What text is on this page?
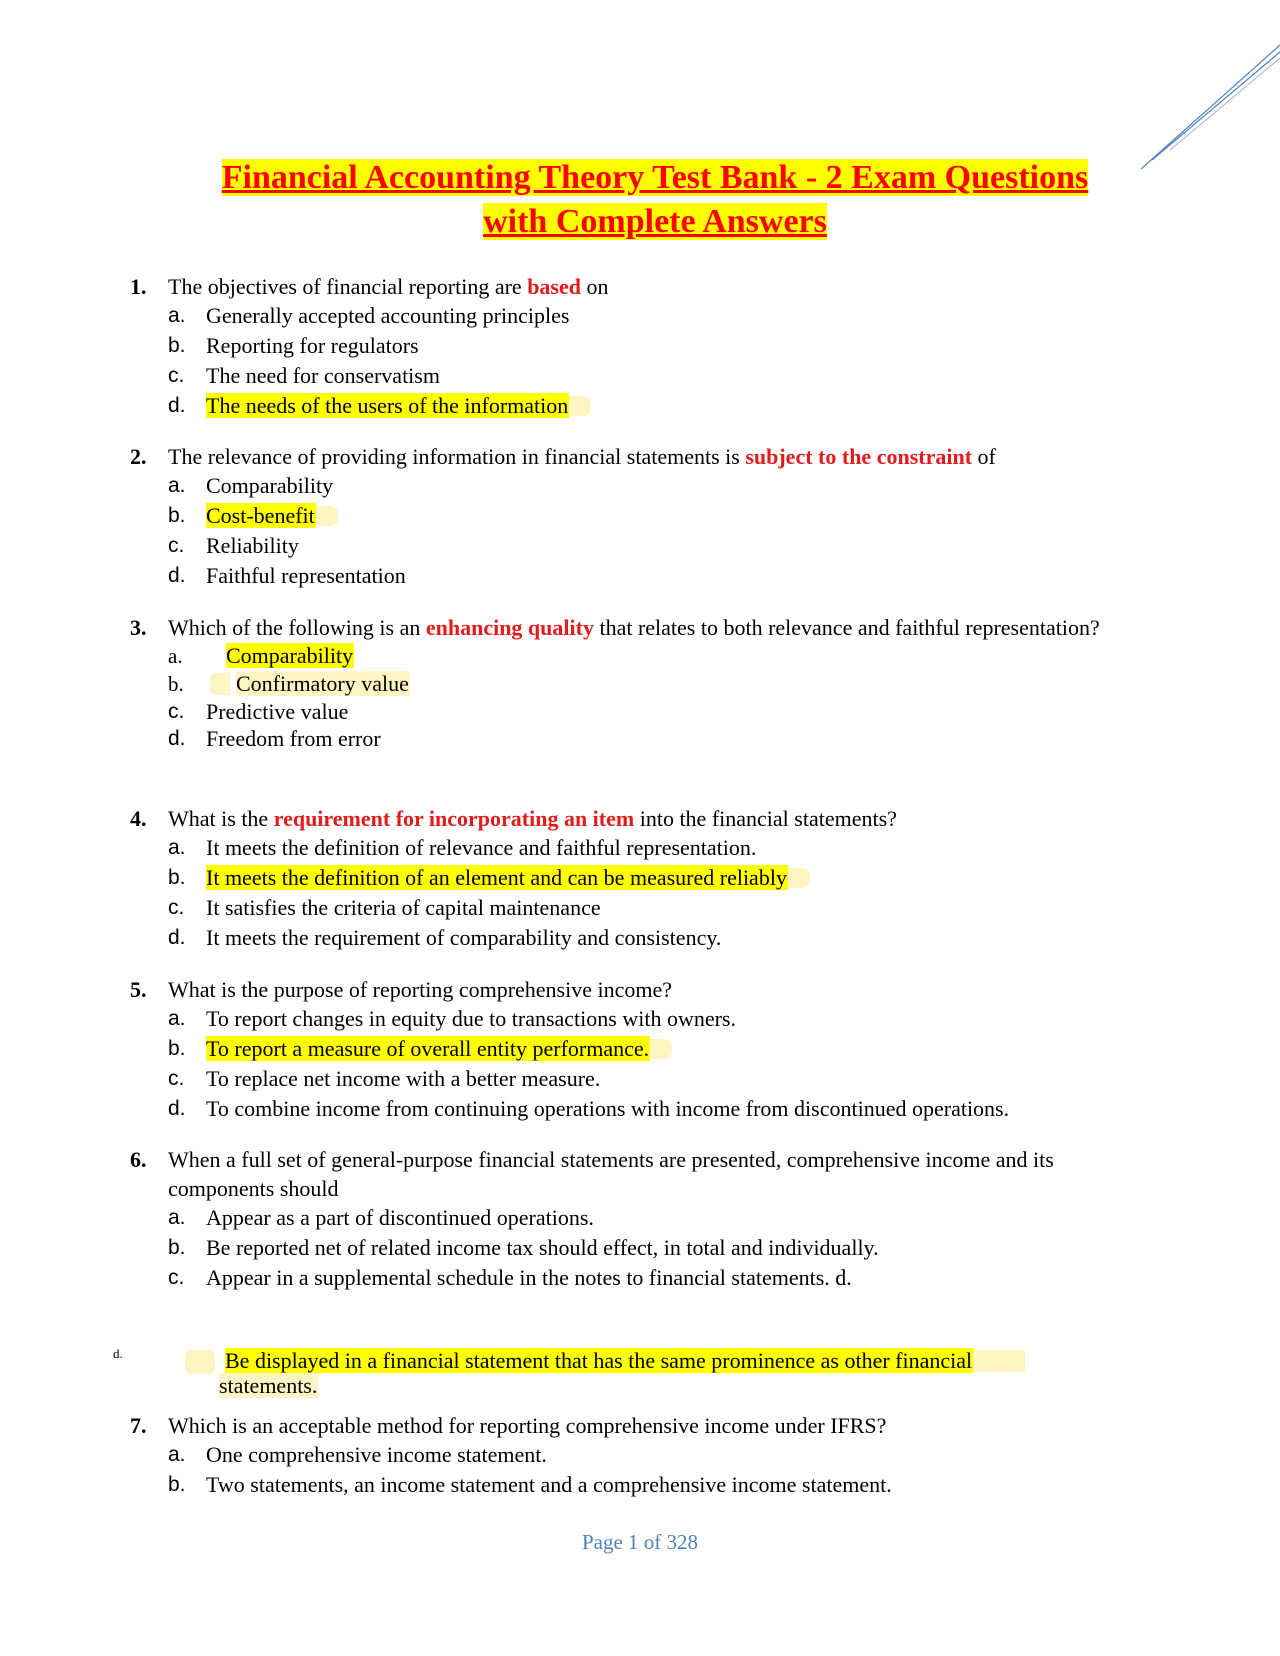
Financial Accounting Theory Test Bank - 2 Exam Questions
with Complete Answers
1. The objectives of financial reporting are based on
a. Generally accepted accounting principles
b. Reporting for regulators
c. The need for conservatism
d. The needs of the users of the information
2. The relevance of providing information in financial statements is subject to the constraint of
a. Comparability
b. Cost-benefit
c. Reliability
d. Faithful representation
3. Which of the following is an enhancing quality that relates to both relevance and faithful representation?
a. Comparability
b. Confirmatory value
c. Predictive value
d. Freedom from error
4. What is the requirement for incorporating an item into the financial statements?
a. It meets the definition of relevance and faithful representation.
b. It meets the definition of an element and can be measured reliably
c. It satisfies the criteria of capital maintenance
d. It meets the requirement of comparability and consistency.
5. What is the purpose of reporting comprehensive income?
a. To report changes in equity due to transactions with owners.
b. To report a measure of overall entity performance.
c. To replace net income with a better measure.
d. To combine income from continuing operations with income from discontinued operations.
6. When a full set of general-purpose financial statements are presented, comprehensive income and its components should
a. Appear as a part of discontinued operations.
b. Be reported net of related income tax should effect, in total and individually.
c. Appear in a supplemental schedule in the notes to financial statements. d.
d.	Be displayed in a financial statement that has the same prominence as other financial
statements.
7. Which is an acceptable method for reporting comprehensive income under IFRS?
a. One comprehensive income statement.
b. Two statements, an income statement and a comprehensive income statement.
Page 1 of 328
